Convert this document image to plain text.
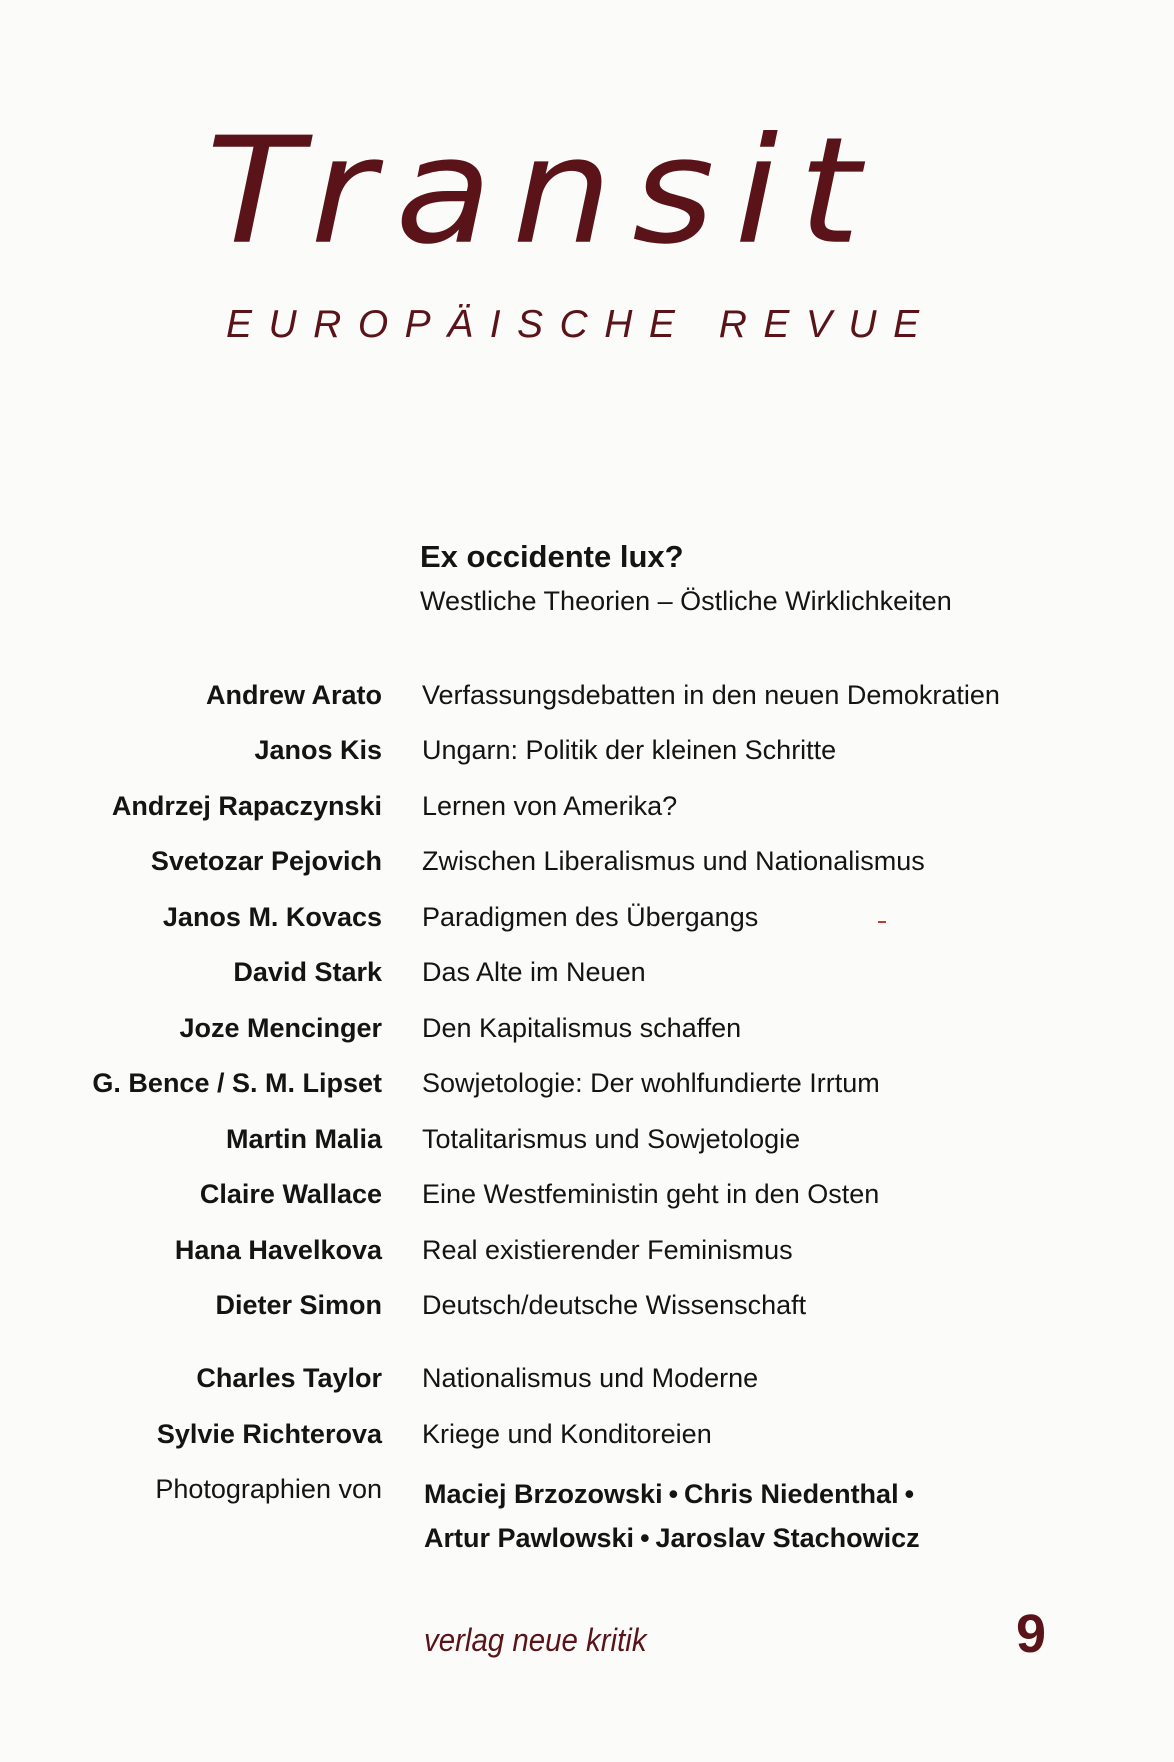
Transit
EUROPÄISCHE REVUE
Ex occidente lux?
Westliche Theorien – Östliche Wirklichkeiten
Andrew Arato Verfassungsdebatten in den neuen Demokratien
Janos Kis Ungarn: Politik der kleinen Schritte
Andrzej Rapaczynski Lernen von Amerika?
Svetozar Pejovich Zwischen Liberalismus und Nationalismus
Janos M. Kovacs Paradigmen des Übergangs
David Stark Das Alte im Neuen
Joze Mencinger Den Kapitalismus schaffen
G. Bence / S. M. Lipset Sowjetologie: Der wohlfundierte Irrtum
Martin Malia Totalitarismus und Sowjetologie
Claire Wallace Eine Westfeministin geht in den Osten
Hana Havelkova Real existierender Feminismus
Dieter Simon Deutsch/deutsche Wissenschaft
Charles Taylor Nationalismus und Moderne
Sylvie Richterova Kriege und Konditoreien
Photographien von Maciej Brzozowski • Chris Niedenthal •
Artur Pawlowski • Jaroslav Stachowicz
verlag neue kritik	9
